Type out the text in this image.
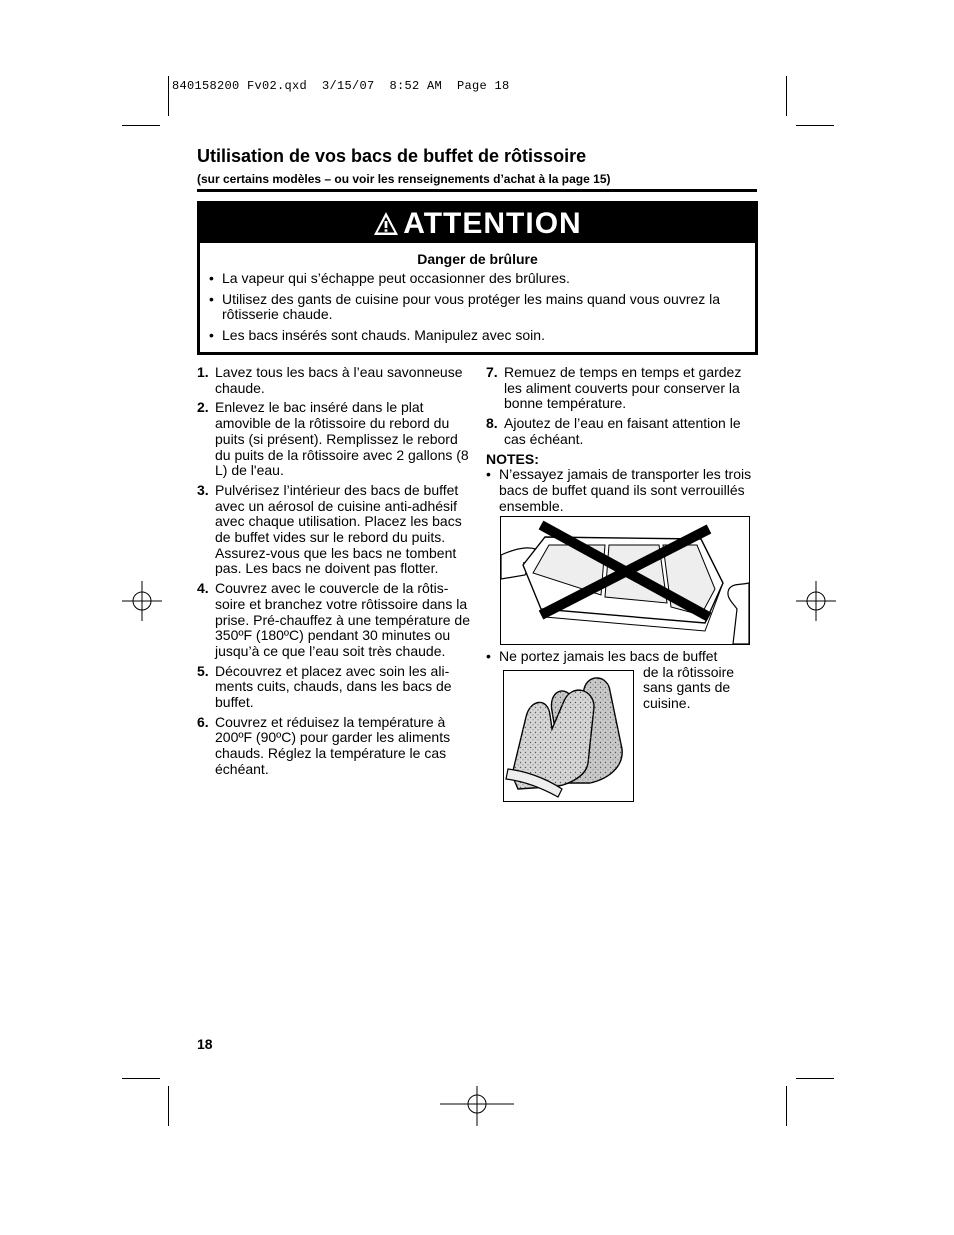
840158200 Fv02.qxd  3/15/07  8:52 AM  Page 18
Utilisation de vos bacs de buffet de rôtissoire
(sur certains modèles – ou voir les renseignements d’achat à la page 15)
ATTENTION
Danger de brûlure
• La vapeur qui s’échappe peut occasionner des brûlures.
• Utilisez des gants de cuisine pour vous protéger les mains quand vous ouvrez la rôtisserie chaude.
• Les bacs insérés sont chauds. Manipulez avec soin.
1. Lavez tous les bacs à l’eau savonneuse chaude.
2. Enlevez le bac inséré dans le plat amovible de la rôtissoire du rebord du puits (si présent). Remplissez le rebord du puits de la rôtissoire avec 2 gallons (8 L) de l'eau.
3. Pulvérisez l’intérieur des bacs de buffet avec un aérosol de cuisine anti-adhésif avec chaque utilisation. Placez les bacs de buffet vides sur le rebord du puits. Assurez-vous que les bacs ne tombent pas. Les bacs ne doivent pas flotter.
4. Couvrez avec le couvercle de la rôtissoire et branchez votre rôtissoire dans la prise. Pré-chauffez à une température de 350ºF (180ºC) pendant 30 minutes ou jusqu’à ce que l’eau soit très chaude.
5. Découvrez et placez avec soin les aliments cuits, chauds, dans les bacs de buffet.
6. Couvrez et réduisez la température à 200ºF (90ºC) pour garder les aliments chauds. Réglez la température le cas échéant.
7. Remuez de temps en temps et gardez les aliment couverts pour conserver la bonne température.
8. Ajoutez de l’eau en faisant attention le cas échéant.
NOTES:
• N’essayez jamais de transporter les trois bacs de buffet quand ils sont verrouillés ensemble.
• Ne portez jamais les bacs de buffet
de la rôtissoire sans gants de cuisine.
18
